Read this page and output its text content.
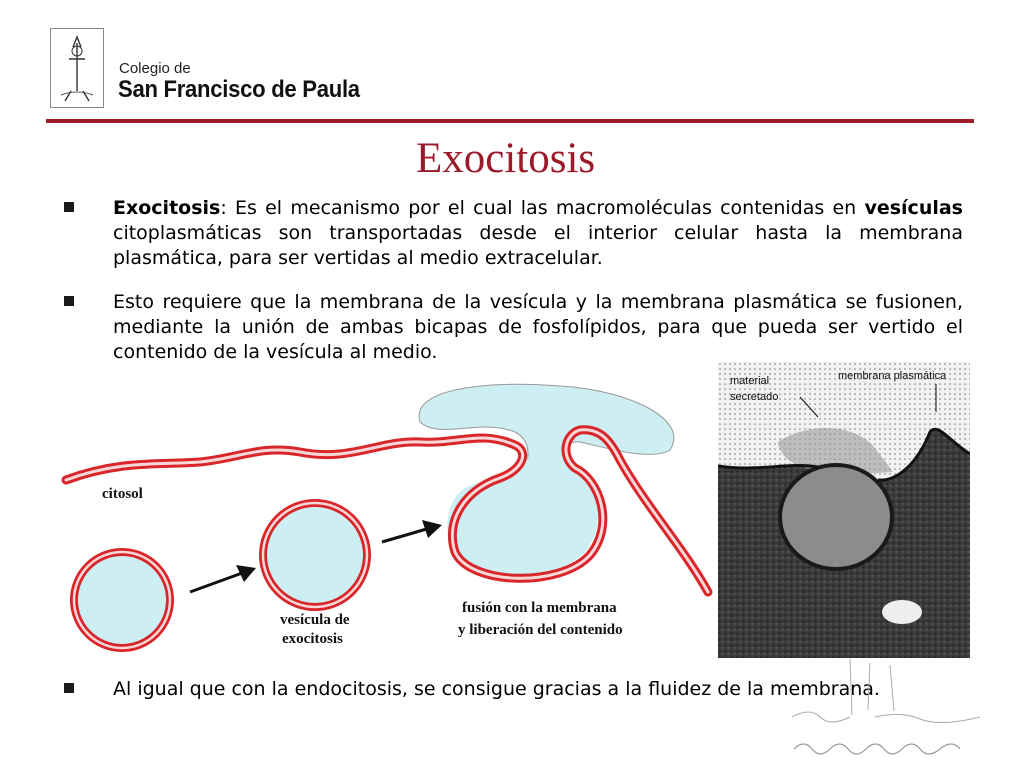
Colegio de
San Francisco de Paula
Exocitosis

Exocitosis: Es el mecanismo por el cual las macromoléculas contenidas en vesículas citoplasmáticas son transportadas desde el interior celular hasta la membrana plasmática, para ser vertidas al medio extracelular.

Esto requiere que la membrana de la vesícula y la membrana plasmática se fusionen, mediante la unión de ambas bicapas de fosfolípidos, para que pueda ser vertido el contenido de la vesícula al medio.

citosol
vesícula de
exocitosis
fusión con la membrana
y liberación del contenido
material
secretado
membrana plasmática

Al igual que con la endocitosis, se consigue gracias a la fluidez de la membrana.
